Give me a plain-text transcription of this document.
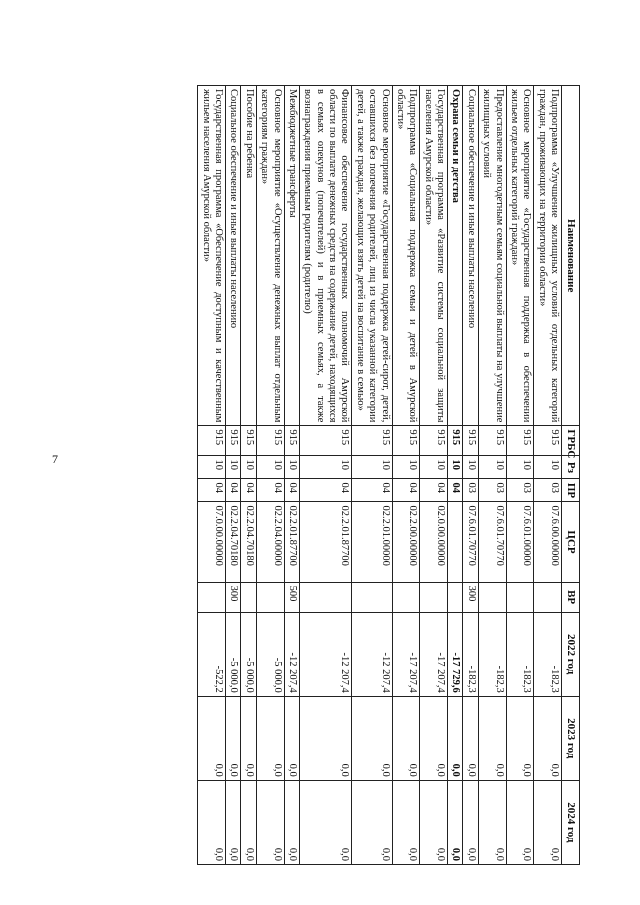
7
Наименование	ГРБС	Рз	ПР	ЦСР	ВР	2022 год	2023 год	2024 год
Подпрограмма «Улучшение жилищных условий отдельных категорий граждан, проживающих на территории области»	915	10	03	07.6.00.00000		-182,3	0,0	0,0
Основное мероприятие «Государственная поддержка в обеспечении жильем отдельных категорий граждан»	915	10	03	07.6.01.00000		-182,3	0,0	0,0
Предоставление многодетным семьям социальной выплаты на улучшение жилищных условий	915	10	03	07.6.01.70770		-182,3	0,0	0,0
Социальное обеспечение и иные выплаты населению	915	10	03	07.6.01.70770	300	-182,3	0,0	0,0
Охрана семьи и детства	915	10	04			-17 729,6	0,0	0,0
Государственная программа «Развитие системы социальной защиты населения Амурской области»	915	10	04	02.0.00.00000		-17 207,4	0,0	0,0
Подпрограмма «Социальная поддержка семьи и детей в Амурской области»	915	10	04	02.2.00.00000		-17 207,4	0,0	0,0
Основное мероприятие «Государственная поддержка детей-сирот, детей, оставшихся без попечения родителей, лиц из числа указанной категории детей, а также граждан, желающих взять детей на воспитание в семью»	915	10	04	02.2.01.00000		-12 207,4	0,0	0,0
Финансовое обеспечение государственных полномочий Амурской области по выплате денежных средств на содержание детей, находящихся в семьях опекунов (попечителей) и в приемных семьях, а также вознаграждения приемным родителям (родителю)	915	10	04	02.2.01.87700		-12 207,4	0,0	0,0
Межбюджетные трансферты	915	10	04	02.2.01.87700	500	-12 207,4	0,0	0,0
Основное мероприятие «Осуществление денежных выплат отдельным категориям граждан»	915	10	04	02.2.04.00000		-5 000,0	0,0	0,0
Пособие на ребенка	915	10	04	02.2.04.70180		-5 000,0	0,0	0,0
Социальное обеспечение и иные выплаты населению	915	10	04	02.2.04.70180	300	-5 000,0	0,0	0,0
Государственная программа «Обеспечение доступным и качественным жильем населения Амурской области»	915	10	04	07.0.00.00000		-522,2	0,0	0,0
